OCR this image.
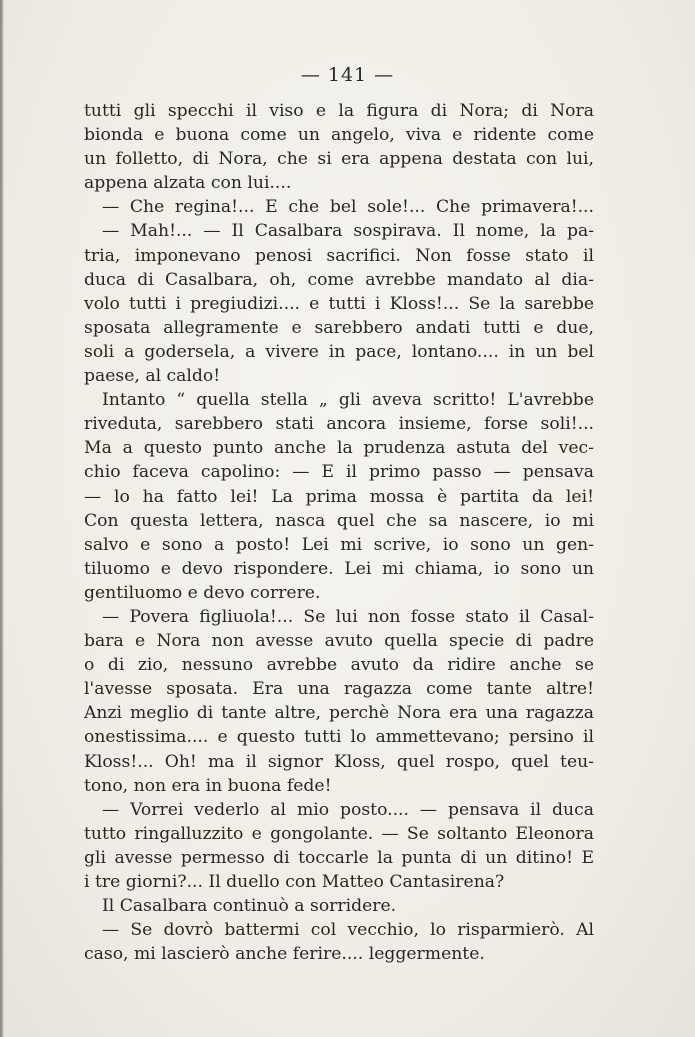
— 141 —
tutti gli specchi il viso e la figura di Nora; di Nora
bionda e buona come un angelo, viva e ridente come
un folletto, di Nora, che si era appena destata con lui,
appena alzata con lui....
— Che regina!... E che bel sole!... Che primavera!...
— Mah!... — Il Casalbara sospirava. Il nome, la pa-
tria, imponevano penosi sacrifici. Non fosse stato il
duca di Casalbara, oh, come avrebbe mandato al dia-
volo tutti i pregiudizi.... e tutti i Kloss!... Se la sarebbe
sposata allegramente e sarebbero andati tutti e due,
soli a godersela, a vivere in pace, lontano.... in un bel
paese, al caldo!
Intanto “ quella stella „ gli aveva scritto! L'avrebbe
riveduta, sarebbero stati ancora insieme, forse soli!...
Ma a questo punto anche la prudenza astuta del vec-
chio faceva capolino: — E il primo passo — pensava
— lo ha fatto lei! La prima mossa è partita da lei!
Con questa lettera, nasca quel che sa nascere, io mi
salvo e sono a posto! Lei mi scrive, io sono un gen-
tiluomo e devo rispondere. Lei mi chiama, io sono un
gentiluomo e devo correre.
— Povera figliuola!... Se lui non fosse stato il Casal-
bara e Nora non avesse avuto quella specie di padre
o di zio, nessuno avrebbe avuto da ridire anche se
l'avesse sposata. Era una ragazza come tante altre!
Anzi meglio di tante altre, perchè Nora era una ragazza
onestissima.... e questo tutti lo ammettevano; persino il
Kloss!... Oh! ma il signor Kloss, quel rospo, quel teu-
tono, non era in buona fede!
— Vorrei vederlo al mio posto.... — pensava il duca
tutto ringalluzzito e gongolante. — Se soltanto Eleonora
gli avesse permesso di toccarle la punta di un ditino! E
i tre giorni?... Il duello con Matteo Cantasirena?
Il Casalbara continuò a sorridere.
— Se dovrò battermi col vecchio, lo risparmierò. Al
caso, mi lascierò anche ferire.... leggermente.
